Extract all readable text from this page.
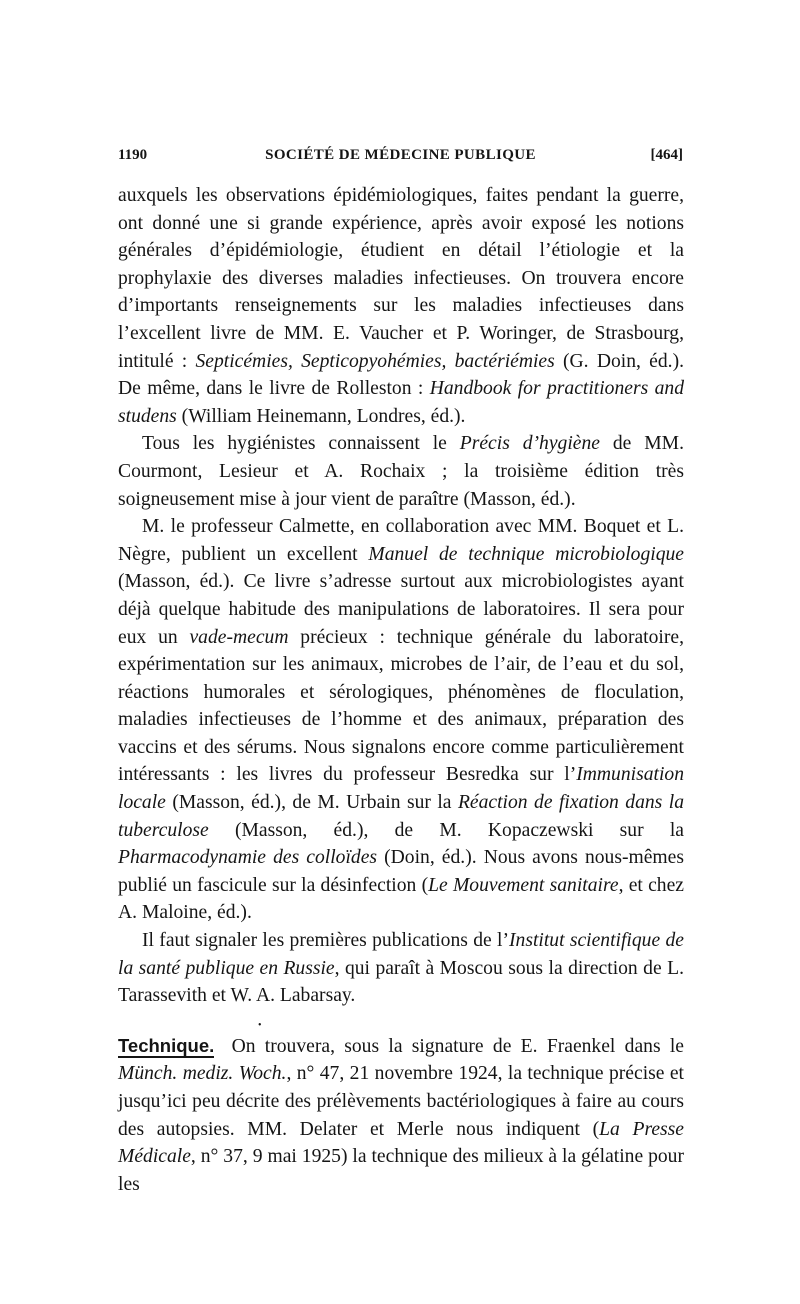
1190	SOCIÉTÉ DE MÉDECINE PUBLIQUE	[464]

auxquels les observations épidémiologiques, faites pendant la guerre, ont donné une si grande expérience, après avoir exposé les notions générales d’épidémiologie, étudient en détail l’étiologie et la prophylaxie des diverses maladies infectieuses. On trouvera encore d’importants renseignements sur les maladies infectieuses dans l’excellent livre de MM. E. Vaucher et P. Woringer, de Strasbourg, intitulé : Septicémies, Septicopyohémies, bactériémies (G. Doin, éd.). De même, dans le livre de Rolleston : Handbook for practitioners and studens (William Heinemann, Londres, éd.).

Tous les hygiénistes connaissent le Précis d’hygiène de MM. Courmont, Lesieur et A. Rochaix ; la troisième édition très soigneusement mise à jour vient de paraître (Masson, éd.).

M. le professeur Calmette, en collaboration avec MM. Boquet et L. Nègre, publient un excellent Manuel de technique microbiologique (Masson, éd.). Ce livre s’adresse surtout aux microbiologistes ayant déjà quelque habitude des manipulations de laboratoires. Il sera pour eux un vade-mecum précieux : technique générale du laboratoire, expérimentation sur les animaux, microbes de l’air, de l’eau et du sol, réactions humorales et sérologiques, phénomènes de floculation, maladies infectieuses de l’homme et des animaux, préparation des vaccins et des sérums. Nous signalons encore comme particulièrement intéressants : les livres du professeur Besredka sur l’Immunisation locale (Masson, éd.), de M. Urbain sur la Réaction de fixation dans la tuberculose (Masson, éd.), de M. Kopaczewski sur la Pharmacodynamie des colloïdes (Doin, éd.). Nous avons nous-mêmes publié un fascicule sur la désinfection (Le Mouvement sanitaire, et chez A. Maloine, éd.).

Il faut signaler les premières publications de l’Institut scientifique de la santé publique en Russie, qui paraît à Moscou sous la direction de L. Tarassevith et W. A. Labarsay.

•

Technique. On trouvera, sous la signature de E. Fraenkel dans le Münch. mediz. Woch., n° 47, 21 novembre 1924, la technique précise et jusqu’ici peu décrite des prélèvements bactériologiques à faire au cours des autopsies. MM. Delater et Merle nous indiquent (La Presse Médicale, n° 37, 9 mai 1925) la technique des milieux à la gélatine pour les
